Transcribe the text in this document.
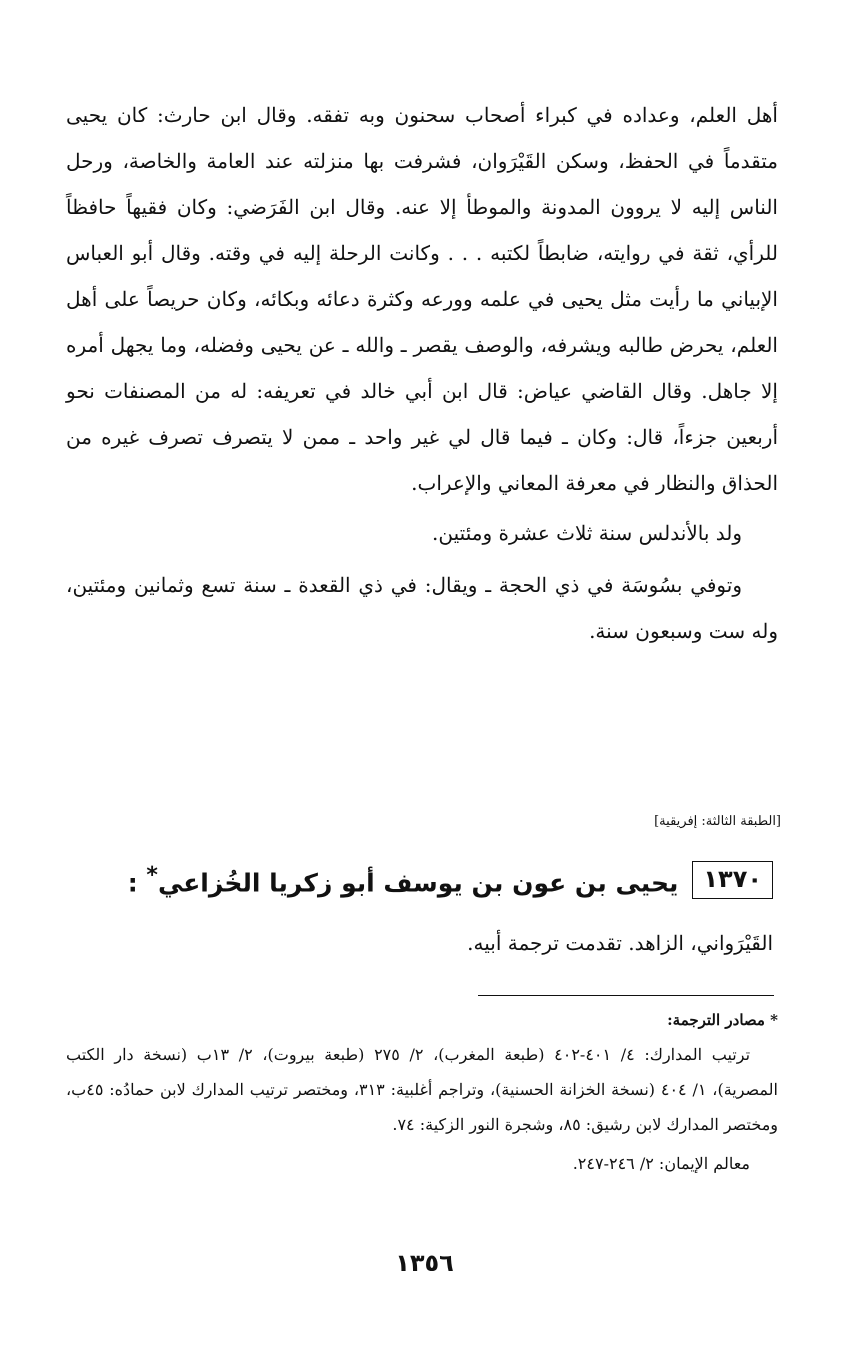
أهل العلم، وعداده في كبراء أصحاب سحنون وبه تفقه. وقال ابن حارث: كان يحيى متقدماً في الحفظ، وسكن القَيْرَوان، فشرفت بها منزلته عند العامة والخاصة، ورحل الناس إليه لا يروون المدونة والموطأ إلا عنه. وقال ابن الفَرَضي: وكان فقيهاً حافظاً للرأي، ثقة في روايته، ضابطاً لكتبه . . . وكانت الرحلة إليه في وقته. وقال أبو العباس الإبياني ما رأيت مثل يحيى في علمه وورعه وكثرة دعائه وبكائه، وكان حريصاً على أهل العلم، يحرض طالبه ويشرفه، والوصف يقصر ـ والله ـ عن يحيى وفضله، وما يجهل أمره إلا جاهل. وقال القاضي عياض: قال ابن أبي خالد في تعريفه: له من المصنفات نحو أربعين جزءاً، قال: وكان ـ فيما قال لي غير واحد ـ ممن لا يتصرف تصرف غيره من الحذاق والنظار في معرفة المعاني والإعراب.

ولد بالأندلس سنة ثلاث عشرة ومئتين.

وتوفي بسُوسَة في ذي الحجة ـ ويقال: في ذي القعدة ـ سنة تسع وثمانين ومئتين، وله ست وسبعون سنة.

[الطبقة الثالثة: إفريقية]
١٣٧٠
يحيى بن عون بن يوسف أبو زكريا الخُزاعي* :
القَيْرَواني، الزاهد. تقدمت ترجمة أبيه.

* مصادر الترجمة:

ترتيب المدارك: ٤/ ٤٠١-٤٠٢ (طبعة المغرب)، ٢/ ٢٧٥ (طبعة بيروت)، ٢/ ١٣ب (نسخة دار الكتب المصرية)، ١/ ٤٠٤ (نسخة الخزانة الحسنية)، وتراجم أغلبية: ٣١٣، ومختصر ترتيب المدارك لابن حمادُه: ٤٥ب، ومختصر المدارك لابن رشيق: ٨٥، وشجرة النور الزكية: ٧٤.

معالم الإيمان: ٢/ ٢٤٦-٢٤٧.

١٣٥٦
